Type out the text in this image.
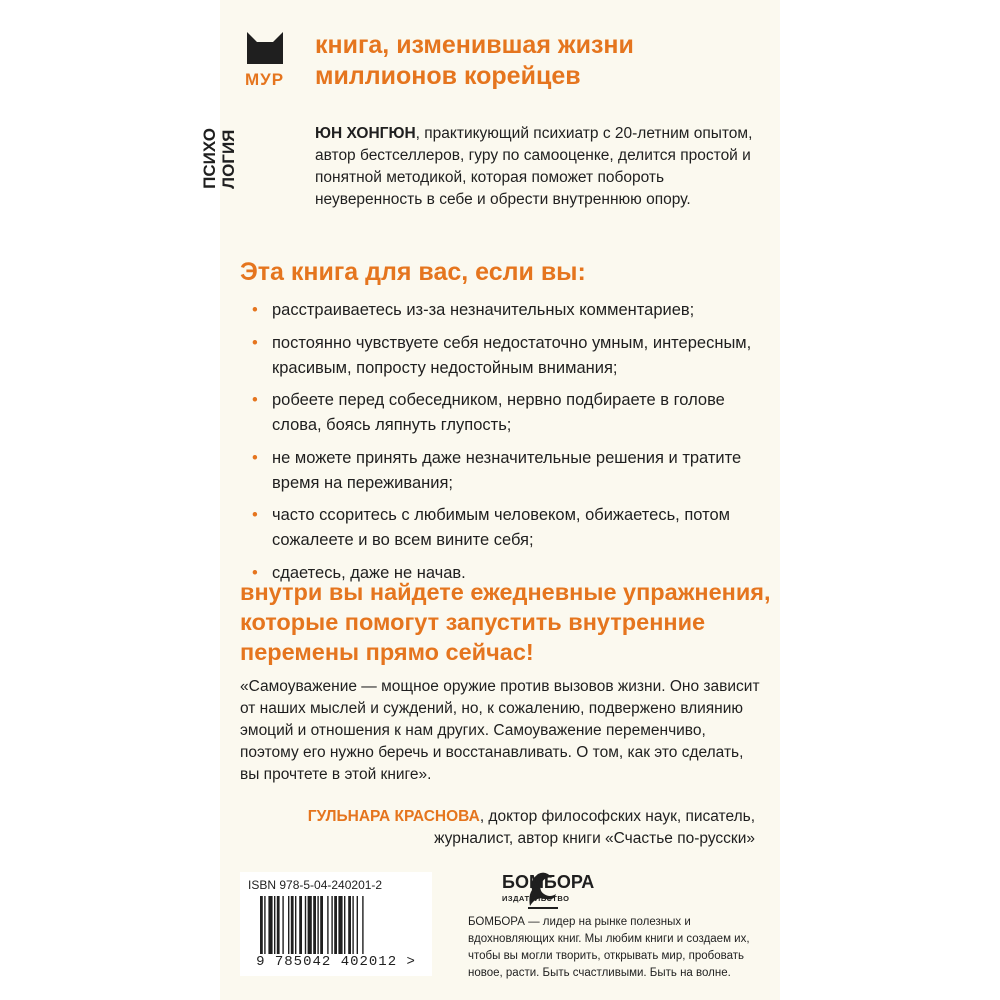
МУР
ПСИХО ЛОГИЯ
книга, изменившая жизни миллионов корейцев

ЮН ХОНГЮН, практикующий психиатр с 20-летним опытом, автор бестселлеров, гуру по самооценке, делится простой и понятной методикой, которая поможет побороть неуверенность в себе и обрести внутреннюю опору.

Эта книга для вас, если вы:
• расстраиваетесь из-за незначительных комментариев;
• постоянно чувствуете себя недостаточно умным, интересным, красивым, попросту недостойным внимания;
• робеете перед собеседником, нервно подбираете в голове слова, боясь ляпнуть глупость;
• не можете принять даже незначительные решения и тратите время на переживания;
• часто ссоритесь с любимым человеком, обижаетесь, потом сожалеете и во всем вините себя;
• сдаетесь, даже не начав.

внутри вы найдете ежедневные упражнения, которые помогут запустить внутренние перемены прямо сейчас!

«Самоуважение — мощное оружие против вызовов жизни. Оно зависит от наших мыслей и суждений, но, к сожалению, подвержено влиянию эмоций и отношения к нам других. Самоуважение переменчиво, поэтому его нужно беречь и восстанавливать. О том, как это сделать, вы прочтете в этой книге».

ГУЛЬНАРА КРАСНОВА, доктор философских наук, писатель, журналист, автор книги «Счастье по-русски»

ISBN 978-5-04-240201-2
9 785042 402012 >
БОМБОРА
ИЗДАТЕЛЬСТВО

БОМБОРА — лидер на рынке полезных и вдохновляющих книг. Мы любим книги и создаем их, чтобы вы могли творить, открывать мир, пробовать новое, расти. Быть счастливыми. Быть на волне.
